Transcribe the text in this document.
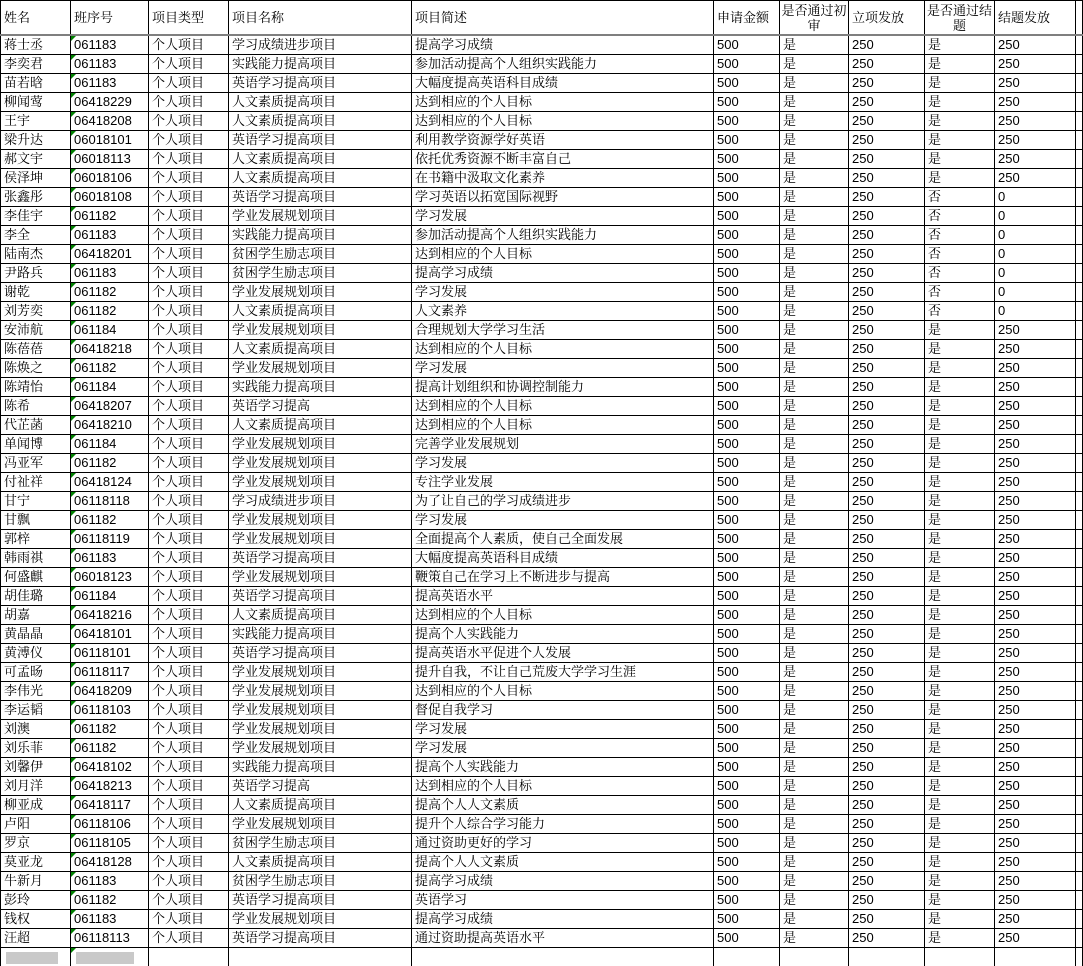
姓名	班序号	项目类型	项目名称	项目简述	申请金额	是否通过初审	立项发放	是否通过结题	结题发放	
蒋士丞	061183	个人项目	学习成绩进步项目	提高学习成绩	500	是	250	是	250	
李奕君	061183	个人项目	实践能力提高项目	参加活动提高个人组织实践能力	500	是	250	是	250	
苗若晗	061183	个人项目	英语学习提高项目	大幅度提高英语科目成绩	500	是	250	是	250	
柳闻莺	06418229	个人项目	人文素质提高项目	达到相应的个人目标	500	是	250	是	250	
王宇	06418208	个人项目	人文素质提高项目	达到相应的个人目标	500	是	250	是	250	
梁升达	06018101	个人项目	英语学习提高项目	利用教学资源学好英语	500	是	250	是	250	
郝文宇	06018113	个人项目	人文素质提高项目	依托优秀资源不断丰富自己	500	是	250	是	250	
侯泽坤	06018106	个人项目	人文素质提高项目	在书籍中汲取文化素养	500	是	250	是	250	
张鑫彤	06018108	个人项目	英语学习提高项目	学习英语以拓宽国际视野	500	是	250	否	0	
李佳宇	061182	个人项目	学业发展规划项目	学习发展	500	是	250	否	0	
李全	061183	个人项目	实践能力提高项目	参加活动提高个人组织实践能力	500	是	250	否	0	
陆南杰	06418201	个人项目	贫困学生励志项目	达到相应的个人目标	500	是	250	否	0	
尹路兵	061183	个人项目	贫困学生励志项目	提高学习成绩	500	是	250	否	0	
谢乾	061182	个人项目	学业发展规划项目	学习发展	500	是	250	否	0	
刘芳奕	061182	个人项目	人文素质提高项目	人文素养	500	是	250	否	0	
安沛航	061184	个人项目	学业发展规划项目	合理规划大学学习生活	500	是	250	是	250	
陈蓓蓓	06418218	个人项目	人文素质提高项目	达到相应的个人目标	500	是	250	是	250	
陈焕之	061182	个人项目	学业发展规划项目	学习发展	500	是	250	是	250	
陈靖怡	061184	个人项目	实践能力提高项目	提高计划组织和协调控制能力	500	是	250	是	250	
陈希	06418207	个人项目	英语学习提高	达到相应的个人目标	500	是	250	是	250	
代芷菡	06418210	个人项目	人文素质提高项目	达到相应的个人目标	500	是	250	是	250	
单闻博	061184	个人项目	学业发展规划项目	完善学业发展规划	500	是	250	是	250	
冯亚军	061182	个人项目	学业发展规划项目	学习发展	500	是	250	是	250	
付祉祥	06418124	个人项目	学业发展规划项目	专注学业发展	500	是	250	是	250	
甘宁	06118118	个人项目	学习成绩进步项目	为了让自己的学习成绩进步	500	是	250	是	250	
甘飘	061182	个人项目	学业发展规划项目	学习发展	500	是	250	是	250	
郭梓	06118119	个人项目	学业发展规划项目	全面提高个人素质，使自己全面发展	500	是	250	是	250	
韩雨祺	061183	个人项目	英语学习提高项目	大幅度提高英语科目成绩	500	是	250	是	250	
何盛麒	06018123	个人项目	学业发展规划项目	鞭策自己在学习上不断进步与提高	500	是	250	是	250	
胡佳璐	061184	个人项目	英语学习提高项目	提高英语水平	500	是	250	是	250	
胡嘉	06418216	个人项目	人文素质提高项目	达到相应的个人目标	500	是	250	是	250	
黄晶晶	06418101	个人项目	实践能力提高项目	提高个人实践能力	500	是	250	是	250	
黄溥仪	06118101	个人项目	英语学习提高项目	提高英语水平促进个人发展	500	是	250	是	250	
可孟旸	06118117	个人项目	学业发展规划项目	提升自我，不让自己荒废大学学习生涯	500	是	250	是	250	
李伟光	06418209	个人项目	学业发展规划项目	达到相应的个人目标	500	是	250	是	250	
李运韬	06118103	个人项目	学业发展规划项目	督促自我学习	500	是	250	是	250	
刘澳	061182	个人项目	学业发展规划项目	学习发展	500	是	250	是	250	
刘乐菲	061182	个人项目	学业发展规划项目	学习发展	500	是	250	是	250	
刘馨伊	06418102	个人项目	实践能力提高项目	提高个人实践能力	500	是	250	是	250	
刘月洋	06418213	个人项目	英语学习提高	达到相应的个人目标	500	是	250	是	250	
柳亚成	06418117	个人项目	人文素质提高项目	提高个人人文素质	500	是	250	是	250	
卢阳	06118106	个人项目	学业发展规划项目	提升个人综合学习能力	500	是	250	是	250	
罗京	06118105	个人项目	贫困学生励志项目	通过资助更好的学习	500	是	250	是	250	
莫亚龙	06418128	个人项目	人文素质提高项目	提高个人人文素质	500	是	250	是	250	
牛新月	061183	个人项目	贫困学生励志项目	提高学习成绩	500	是	250	是	250	
彭玲	061182	个人项目	英语学习提高项目	英语学习	500	是	250	是	250	
钱权	061183	个人项目	学业发展规划项目	提高学习成绩	500	是	250	是	250	
汪超	06118113	个人项目	英语学习提高项目	通过资助提高英语水平	500	是	250	是	250	
